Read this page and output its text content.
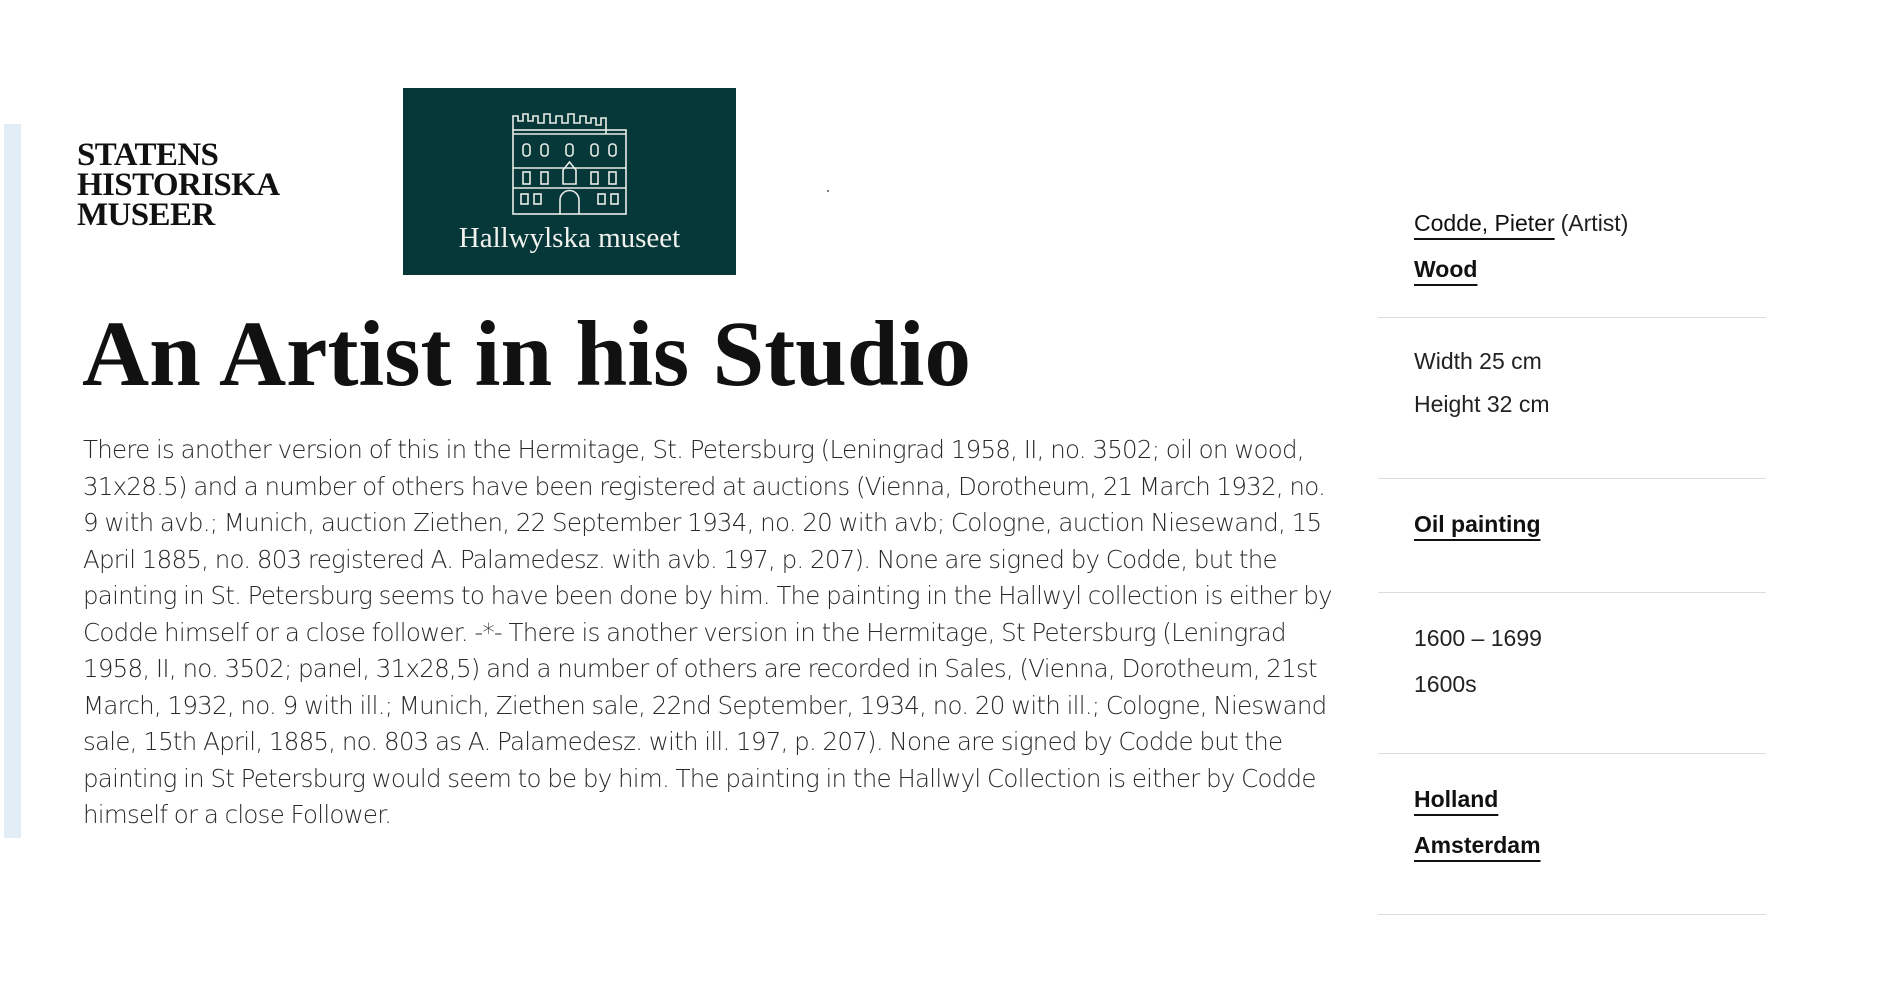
STATENS
HISTORISKA
MUSEER
Hallwylska museet
An Artist in his Studio

There is another version of this in the Hermitage, St. Petersburg (Leningrad 1958, II, no. 3502; oil on wood, 31x28.5) and a number of others have been registered at auctions (Vienna, Dorotheum, 21 March 1932, no. 9 with avb.; Munich, auction Ziethen, 22 September 1934, no. 20 with avb; Cologne, auction Niesewand, 15 April 1885, no. 803 registered A. Palamedesz. with avb. 197, p. 207). None are signed by Codde, but the painting in St. Petersburg seems to have been done by him. The painting in the Hallwyl collection is either by Codde himself or a close follower. -*- There is another version in the Hermitage, St Petersburg (Leningrad 1958, II, no. 3502; panel, 31x28,5) and a number of others are recorded in Sales, (Vienna, Dorotheum, 21st March, 1932, no. 9 with ill.; Munich, Ziethen sale, 22nd September, 1934, no. 20 with ill.; Cologne, Nieswand sale, 15th April, 1885, no. 803 as A. Palamedesz. with ill. 197, p. 207). None are signed by Codde but the painting in St Petersburg would seem to be by him. The painting in the Hallwyl Collection is either by Codde himself or a close Follower.

Codde, Pieter (Artist)
Wood
Width 25 cm
Height 32 cm
Oil painting
1600 – 1699
1600s
Holland
Amsterdam
